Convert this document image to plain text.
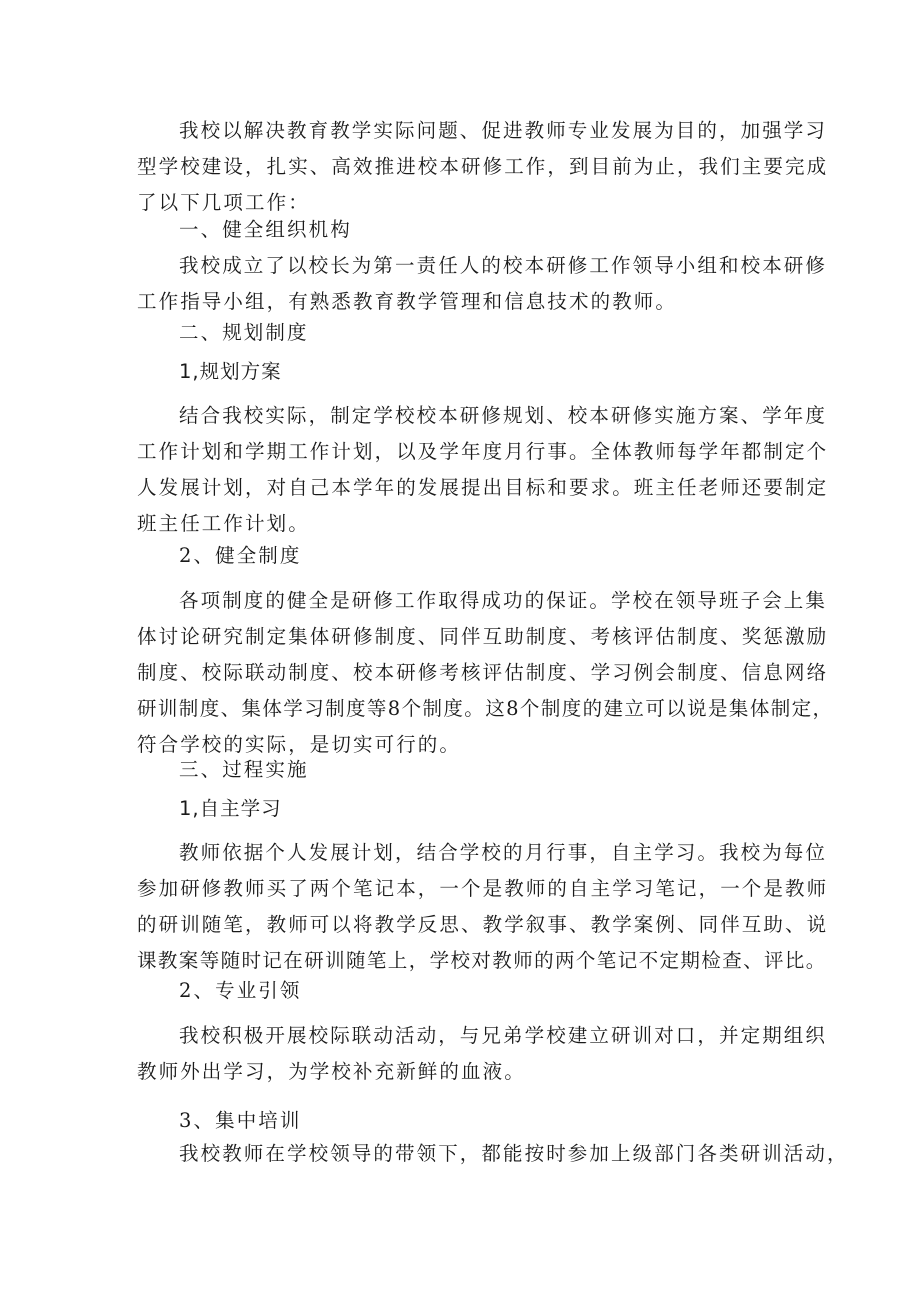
我校以解决教育教学实际问题、促进教师专业发展为目的，加强学习
型学校建设，扎实、高效推进校本研修工作，到目前为止，我们主要完成
了以下几项工作：
一、健全组织机构
我校成立了以校长为第一责任人的校本研修工作领导小组和校本研修
工作指导小组，有熟悉教育教学管理和信息技术的教师。
二、规划制度
1,规划方案
结合我校实际，制定学校校本研修规划、校本研修实施方案、学年度
工作计划和学期工作计划，以及学年度月行事。全体教师每学年都制定个
人发展计划，对自己本学年的发展提出目标和要求。班主任老师还要制定
班主任工作计划。
2、健全制度
各项制度的健全是研修工作取得成功的保证。学校在领导班子会上集
体讨论研究制定集体研修制度、同伴互助制度、考核评估制度、奖惩激励
制度、校际联动制度、校本研修考核评估制度、学习例会制度、信息网络
研训制度、集体学习制度等8个制度。这8个制度的建立可以说是集体制定，
符合学校的实际，是切实可行的。
三、过程实施
1,自主学习
教师依据个人发展计划，结合学校的月行事，自主学习。我校为每位
参加研修教师买了两个笔记本，一个是教师的自主学习笔记，一个是教师
的研训随笔，教师可以将教学反思、教学叙事、教学案例、同伴互助、说
课教案等随时记在研训随笔上，学校对教师的两个笔记不定期检查、评比。
2、专业引领
我校积极开展校际联动活动，与兄弟学校建立研训对口，并定期组织
教师外出学习，为学校补充新鲜的血液。
3、集中培训
我校教师在学校领导的带领下，都能按时参加上级部门各类研训活动，
